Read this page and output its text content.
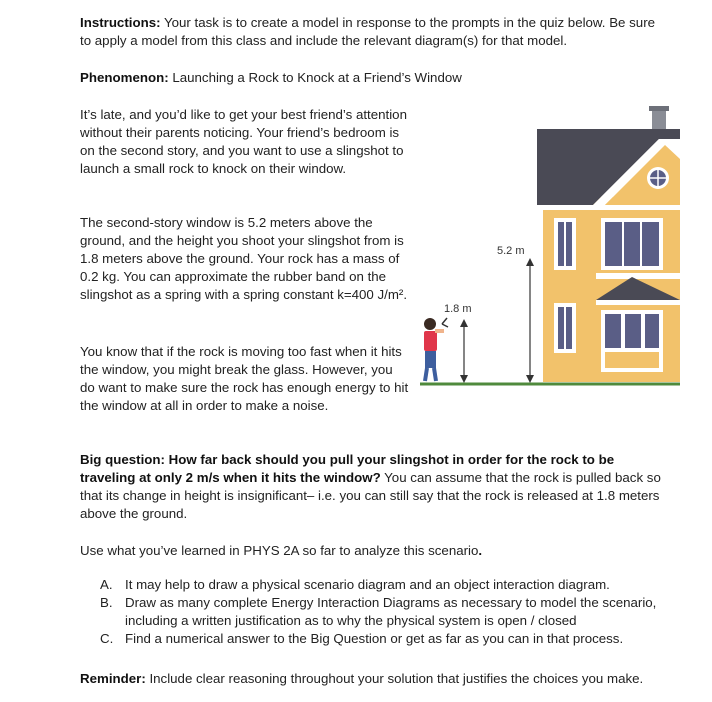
Instructions: Your task is to create a model in response to the prompts in the quiz below. Be sure to apply a model from this class and include the relevant diagram(s) for that model.

Phenomenon: Launching a Rock to Knock at a Friend’s Window

It’s late, and you’d like to get your best friend’s attention without their parents noticing. Your friend’s bedroom is on the second story, and you want to use a slingshot to launch a small rock to knock on their window.

The second-story window is 5.2 meters above the ground, and the height you shoot your slingshot from is 1.8 meters above the ground. Your rock has a mass of 0.2 kg. You can approximate the rubber band on the slingshot as a spring with a spring constant k=400 J/m².

You know that if the rock is moving too fast when it hits the window, you might break the glass. However, you do want to make sure the rock has enough energy to hit the window at all in order to make a noise.

1.8 m
5.2 m

Big question: How far back should you pull your slingshot in order for the rock to be traveling at only 2 m/s when it hits the window? You can assume that the rock is pulled back so that its change in height is insignificant– i.e. you can still say that the rock is released at 1.8 meters above the ground.

Use what you’ve learned in PHYS 2A so far to analyze this scenario.

A. It may help to draw a physical scenario diagram and an object interaction diagram.
B. Draw as many complete Energy Interaction Diagrams as necessary to model the scenario, including a written justification as to why the physical system is open / closed
C. Find a numerical answer to the Big Question or get as far as you can in that process.

Reminder: Include clear reasoning throughout your solution that justifies the choices you make.
